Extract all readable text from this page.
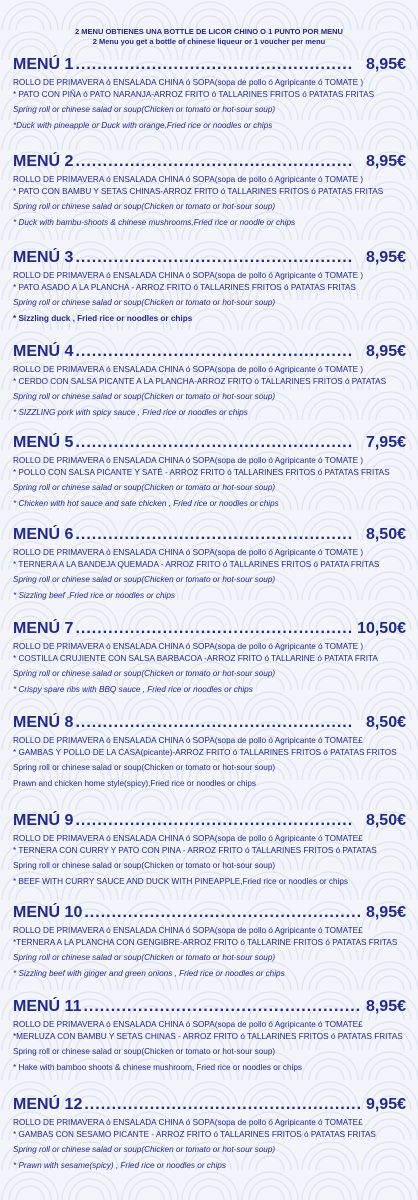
2 MENU OBTIENES UNA BOTTLE DE LICOR CHINO O 1 PUNTO POR MENU
2 Menu you get a bottle of chinese liqueur or 1 voucher per menu
...................................................
MENÚ 1	8,95€
ROLLO DE PRIMAVERA ó ENSALADA CHINA ó SOPA(sopa de pollo ó Agripicante ó TOMATE )
* PATO CON PIÑA ó PATO NARANJA-ARROZ FRITO ó TALLARINES FRITOS ó PATATAS FRITAS
Spring roll or chinese salad or soup(Chicken or tomato or hot-sour soup)
*Duck with pineapple or Duck with orange,Fried rice or noodles or chips
...................................................
MENÚ 2	8,95€
ROLLO DE PRIMAVERA ó ENSALADA CHINA ó SOPA(sopa de pollo ó Agripicante ó TOMATE )
* PATO CON BAMBU Y SETAS CHINAS-ARROZ FRITO ó TALLARINES FRITOS ó PATATAS FRITAS
Spring roll or chinese salad or soup(Chicken or tomato or hot-sour soup)
* Duck with bambu-shoots & chinese mushrooms,Fried rice or noodle or chips
...................................................
MENÚ 3	8,95€
ROLLO DE PRIMAVERA ó ENSALADA CHINA ó SOPA(sopa de pollo ó Agripicante ó TOMATE )
* PATO ASADO A LA PLANCHA - ARROZ FRITO ó TALLARINES FRITOS ó PATATAS FRITAS
Spring roll or chinese salad or soup(Chicken or tomato or hot-sour soup)
* Sizzling duck , Fried rice or noodles or chips
...................................................
MENÚ 4	8,95€
ROLLO DE PRIMAVERA ó ENSALADA CHINA ó SOPA(sopa de pollo ó Agripicante ó TOMATE )
* CERDO CON SALSA PICANTE A LA PLANCHA-ARROZ FRITO ó TALLARINES FRITOS ó PATATAS
Spring roll or chinese salad or soup(Chicken or tomato or hot-sour soup)
* SIZZLING pork with spicy sauce , Fried rice or noodles or chips
...................................................
MENÚ 5	7,95€
ROLLO DE PRIMAVERA ó ENSALADA CHINA ó SOPA(sopa de pollo ó Agripicante ó TOMATE )
* POLLO CON SALSA PICANTE Y SATÉ - ARROZ FRITO ó TALLARINES FRITOS ó PATATAS FRITAS
Spring roll or chinese salad or soup(Chicken or tomato or hot-sour soup)
* Chicken with hot sauce and sate chicken , Fried rice or noodles or chips
...................................................
MENÚ 6	8,50€
ROLLO DE PRIMAVERA ó ENSALADA CHINA ó SOPA(sopa de pollo ó Agripicante ó TOMATE )
* TERNERA A LA BANDEJA QUEMADA - ARROZ FRITO ó TALLARINES FRITOS ó PATATA FRITAS
Spring roll or chinese salad or soup(Chicken or tomato or hot-sour soup)
* Sizzling beef ,Fried rice or noodles or chips
...................................................
MENÚ 7	10,50€
ROLLO DE PRIMAVERA ó ENSALADA CHINA ó SOPA(sopa de pollo ó Agripicante ó TOMATE )
* COSTILLA CRUJIENTE CON SALSA BARBACOA -ARROZ FRITO ó TALLARINE ó PATATA FRITA
Spring roll or chinese salad or soup(Chicken or tomato or hot-sour soup)
* Crispy spare ribs with BBQ sauce , Fried rice or noodles or chips
...................................................
MENÚ 8	8,50€
ROLLO DE PRIMAVERA ó ENSALADA CHINA ó SOPA(sopa de pollo ó Agripicante ó TOMATE£
* GAMBAS Y POLLO DE LA CASA(picante)-ARROZ FRITO ó TALLARINES FRITOS ó PATATAS FRITOS
Spring roll or chinese salad or soup(Chicken or tomato or hot-sour soup)
Prawn and chicken home style(spicy),Fried rice or noodles or chips
...................................................
MENÚ 9	8,50€
ROLLO DE PRIMAVERA ó ENSALADA CHINA ó SOPA(sopa de pollo ó Agripicante ó TOMATE£
* TERNERA CON CURRY Y PATO CON PINA - ARROZ FRITO ó TALLARINES FRITOS ó PATATAS
Spring roll or chinese salad or soup(Chicken or tomato or hot-sour soup)
* BEEF WITH CURRY SAUCE AND DUCK WITH PINEAPPLE,Fried rice or noodles or chips
...................................................
MENÚ 10	8,95€
ROLLO DE PRIMAVERA ó ENSALADA CHINA ó SOPA(sopa de pollo ó Agripicante ó TOMATE£
*TERNERA A LA PLANCHA CON GENGIBRE-ARROZ FRITO ó TALLARINE FRITOS ó PATATAS FRITAS
Spring roll or chinese salad or soup(Chicken or tomato or hot-sour soup)
* Sizzling beef with ginger and green onions , Fried rice or noodles or chips
...................................................
MENÚ 11	8,95€
ROLLO DE PRIMAVERA ó ENSALADA CHINA ó SOPA(sopa de pollo ó Agripicante ó TOMATE£
*MERLUZA CON BAMBU Y SETAS CHINAS - ARROZ FRITO ó TALLARINES FRITOS ó PATATAS FRITAS
Spring roll or chinese salad or soup(Chicken or tomato or hot-sour soup)
* Hake with bamboo shoots & chinese mushroom, Fried rice or noodles or chips
...................................................
MENÚ 12	9,95€
ROLLO DE PRIMAVERA ó ENSALADA CHINA ó SOPA(sopa de pollo ó Agripicante ó TOMATE£
* GAMBAS CON SESAMO PICANTE - ARROZ FRITO ó TALLARINES FRITOS ó PATATAS FRITAS
Spring roll or chinese salad or soup(Chicken or tomato or hot-sour soup)
* Prawn with sesame(spicy) , Fried rice or noodles or chips
